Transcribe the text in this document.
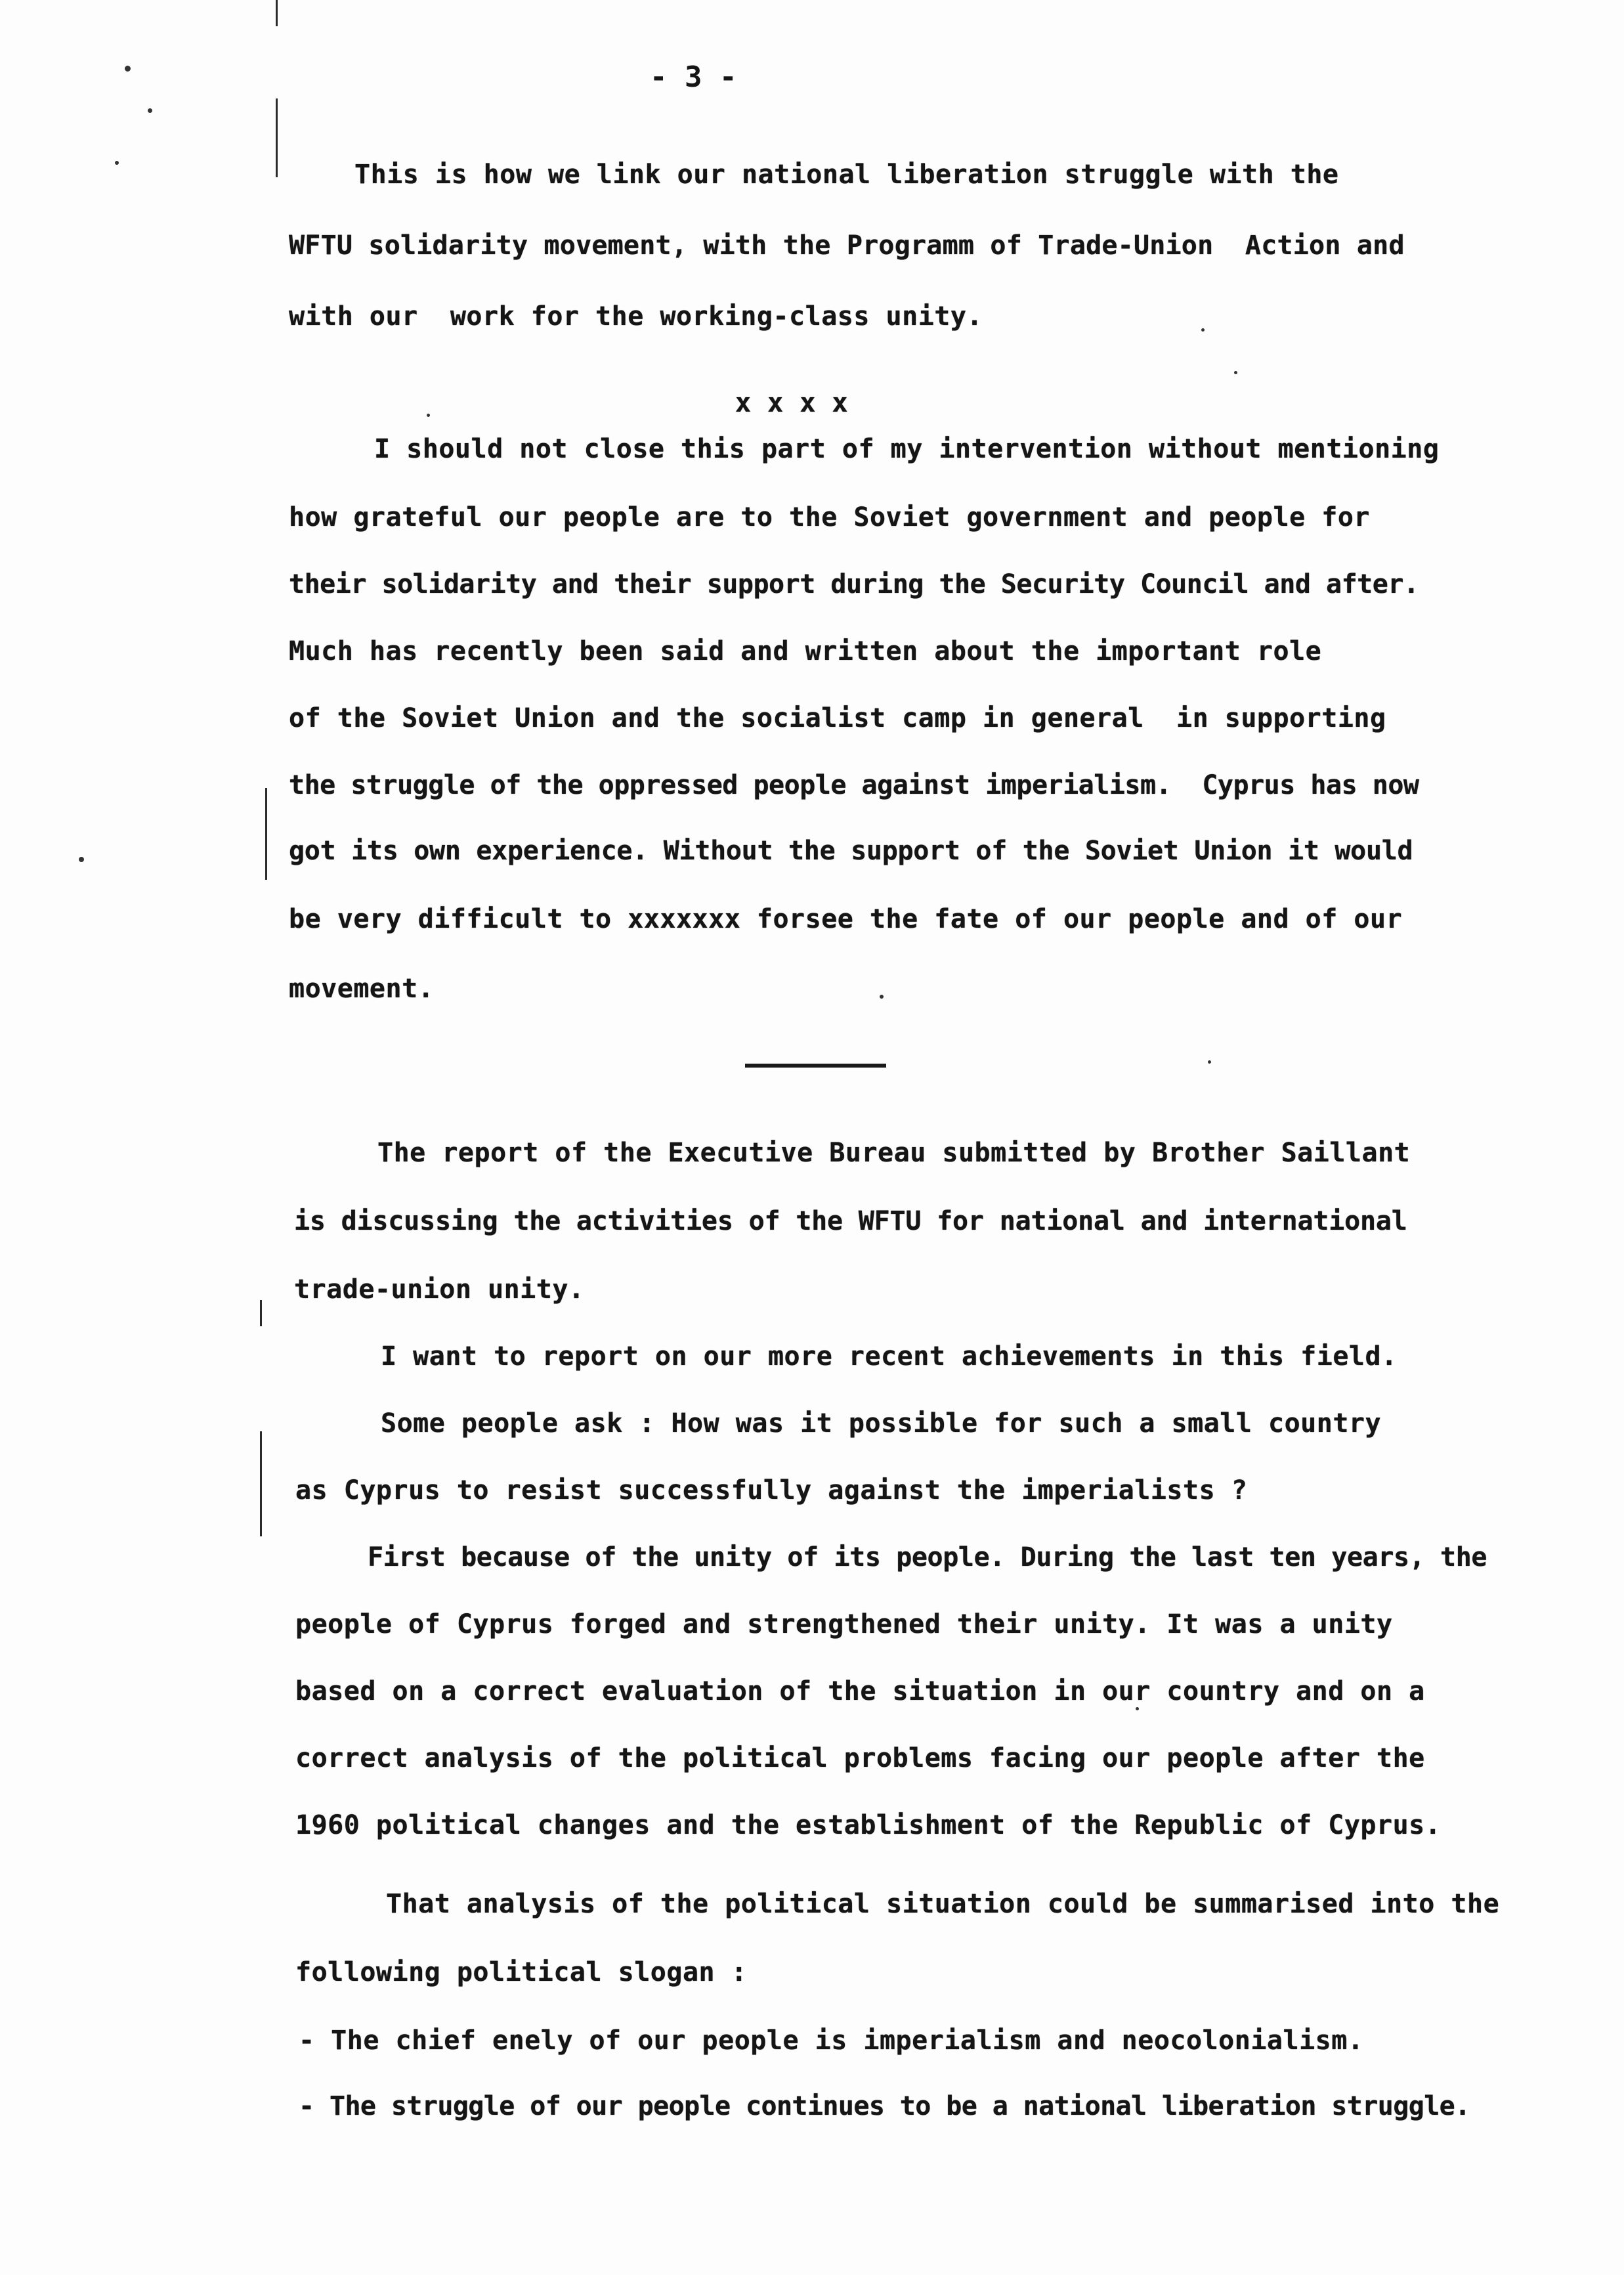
- 3 -
This is how we link our national liberation struggle with the
WFTU solidarity movement, with the Programm of Trade-Union  Action and
with our  work for the working-class unity.
x x x x
I should not close this part of my intervention without mentioning
how grateful our people are to the Soviet government and people for
their solidarity and their support during the Security Council and after.
Much has recently been said and written about the important role
of the Soviet Union and the socialist camp in general  in supporting
the struggle of the oppressed people against imperialism.  Cyprus has now
got its own experience. Without the support of the Soviet Union it would
be very difficult to xxxxxxx forsee the fate of our people and of our
movement.
The report of the Executive Bureau submitted by Brother Saillant
is discussing the activities of the WFTU for national and international
trade-union unity.
I want to report on our more recent achievements in this field.
Some people ask : How was it possible for such a small country
as Cyprus to resist successfully against the imperialists ?
First because of the unity of its people. During the last ten years, the
people of Cyprus forged and strengthened their unity. It was a unity
based on a correct evaluation of the situation in our country and on a
correct analysis of the political problems facing our people after the
1960 political changes and the establishment of the Republic of Cyprus.
That analysis of the political situation could be summarised into the
following political slogan :
- The chief enely of our people is imperialism and neocolonialism.
- The struggle of our people continues to be a national liberation struggle.
